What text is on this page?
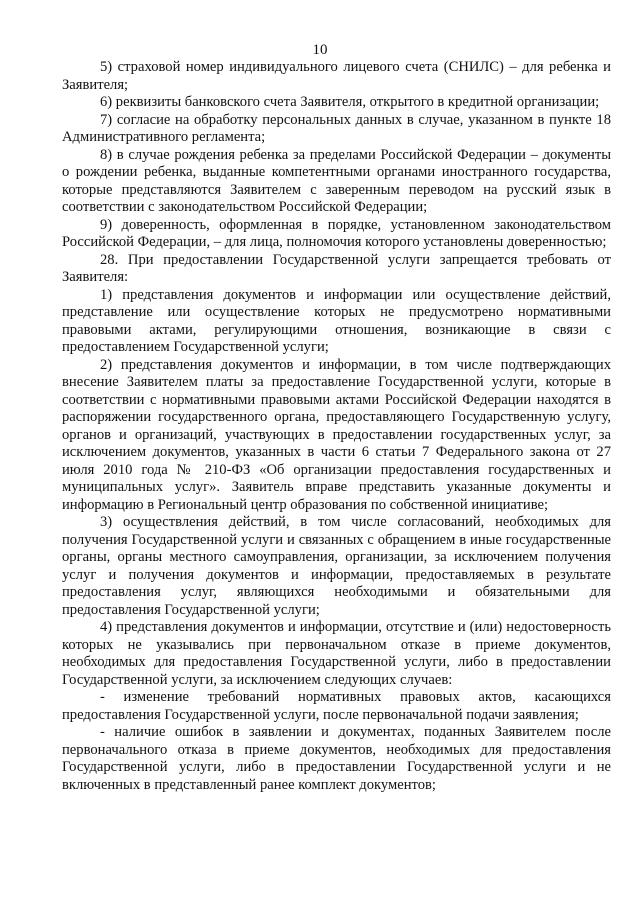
10

5) страховой номер индивидуального лицевого счета (СНИЛС) – для ребенка и Заявителя;

6) реквизиты банковского счета Заявителя, открытого в кредитной организации;

7) согласие на обработку персональных данных в случае, указанном в пункте 18 Административного регламента;

8) в случае рождения ребенка за пределами Российской Федерации – документы о рождении ребенка, выданные компетентными органами иностранного государства, которые представляются Заявителем с заверенным переводом на русский язык в соответствии с законодательством Российской Федерации;

9) доверенность, оформленная в порядке, установленном законодательством Российской Федерации, – для лица, полномочия которого установлены доверенностью;

28. При предоставлении Государственной услуги запрещается требовать от Заявителя:

1) представления документов и информации или осуществление действий, представление или осуществление которых не предусмотрено нормативными правовыми актами, регулирующими отношения, возникающие в связи с предоставлением Государственной услуги;

2) представления документов и информации, в том числе подтверждающих внесение Заявителем платы за предоставление Государственной услуги, которые в соответствии с нормативными правовыми актами Российской Федерации находятся в распоряжении государственного органа, предоставляющего Государственную услугу, органов и организаций, участвующих в предоставлении государственных услуг, за исключением документов, указанных в части 6 статьи 7 Федерального закона от 27 июля 2010 года № 210-ФЗ «Об организации предоставления государственных и муниципальных услуг». Заявитель вправе представить указанные документы и информацию в Региональный центр образования по собственной инициативе;

3) осуществления действий, в том числе согласований, необходимых для получения Государственной услуги и связанных с обращением в иные государственные органы, органы местного самоуправления, организации, за исключением получения услуг и получения документов и информации, предоставляемых в результате предоставления услуг, являющихся необходимыми и обязательными для предоставления Государственной услуги;

4) представления документов и информации, отсутствие и (или) недостоверность которых не указывались при первоначальном отказе в приеме документов, необходимых для предоставления Государственной услуги, либо в предоставлении Государственной услуги, за исключением следующих случаев:

- изменение требований нормативных правовых актов, касающихся предоставления Государственной услуги, после первоначальной подачи заявления;

- наличие ошибок в заявлении и документах, поданных Заявителем после первоначального отказа в приеме документов, необходимых для предоставления Государственной услуги, либо в предоставлении Государственной услуги и не включенных в представленный ранее комплект документов;
